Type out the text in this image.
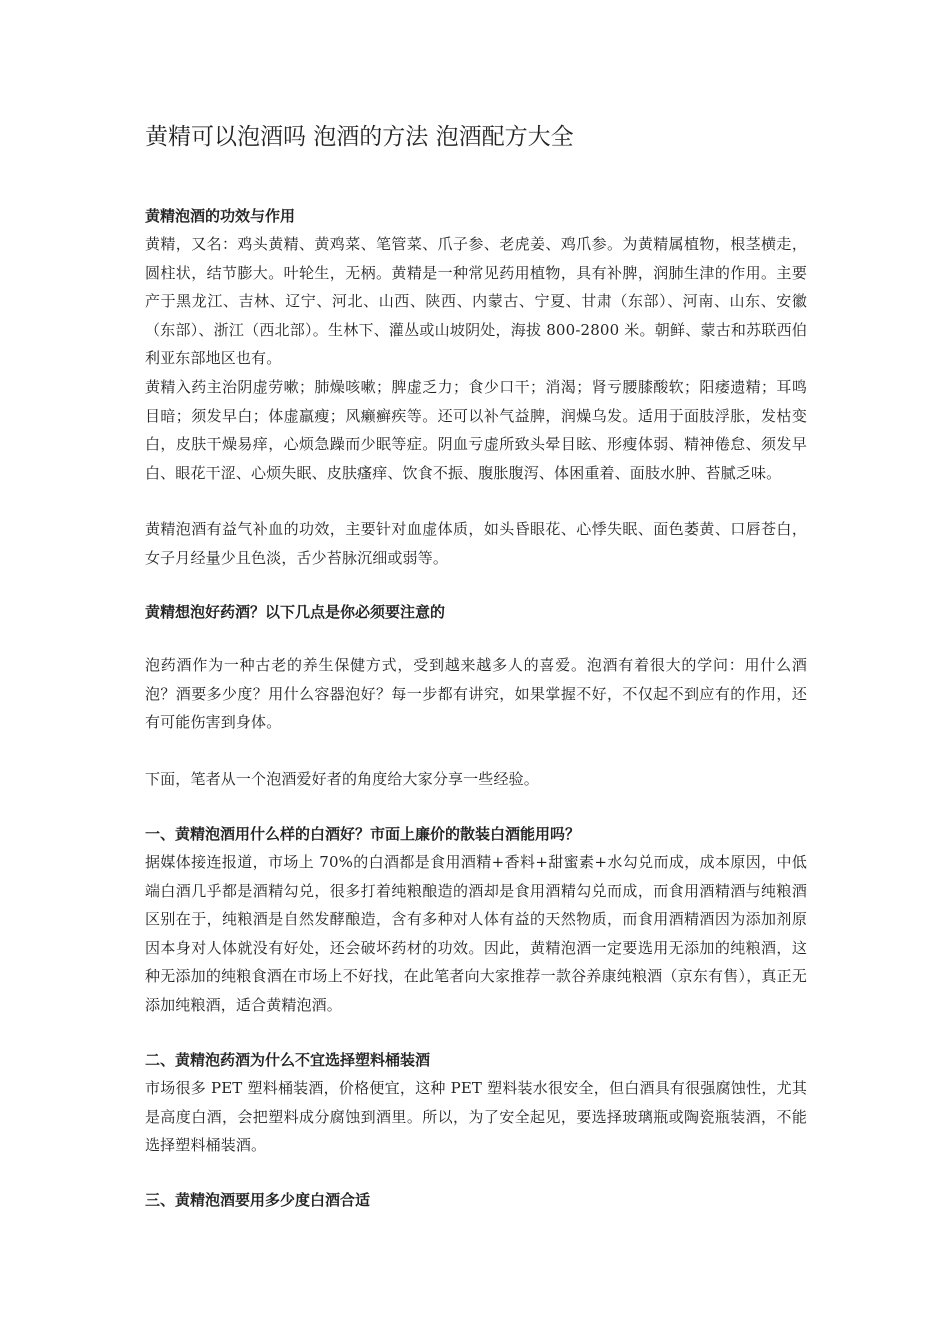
黄精可以泡酒吗 泡酒的方法 泡酒配方大全
黄精泡酒的功效与作用

黄精，又名：鸡头黄精、黄鸡菜、笔管菜、爪子参、老虎姜、鸡爪参。为黄精属植物，根茎横走，圆柱状，结节膨大。叶轮生，无柄。黄精是一种常见药用植物，具有补脾，润肺生津的作用。主要产于黑龙江、吉林、辽宁、河北、山西、陕西、内蒙古、宁夏、甘肃（东部）、河南、山东、安徽（东部）、浙江（西北部）。生林下、灌丛或山坡阴处，海拔 800-2800 米。朝鲜、蒙古和苏联西伯利亚东部地区也有。

黄精入药主治阴虚劳嗽；肺燥咳嗽；脾虚乏力；食少口干；消渴；肾亏腰膝酸软；阳痿遗精；耳鸣目暗；须发早白；体虚羸瘦；风癞癣疾等。还可以补气益脾，润燥乌发。适用于面肢浮胀，发枯变白，皮肤干燥易痒，心烦急躁而少眠等症。阴血亏虚所致头晕目眩、形瘦体弱、精神倦怠、须发早白、眼花干涩、心烦失眠、皮肤瘙痒、饮食不振、腹胀腹泻、体困重着、面肢水肿、苔腻乏味。

黄精泡酒有益气补血的功效，主要针对血虚体质，如头昏眼花、心悸失眠、面色萎黄、口唇苍白，女子月经量少且色淡，舌少苔脉沉细或弱等。

黄精想泡好药酒？以下几点是你必须要注意的

泡药酒作为一种古老的养生保健方式，受到越来越多人的喜爱。泡酒有着很大的学问：用什么酒泡？酒要多少度？用什么容器泡好？每一步都有讲究，如果掌握不好，不仅起不到应有的作用，还有可能伤害到身体。

下面，笔者从一个泡酒爱好者的角度给大家分享一些经验。

一、黄精泡酒用什么样的白酒好？市面上廉价的散装白酒能用吗？

据媒体接连报道，市场上 70%的白酒都是食用酒精+香料+甜蜜素+水勾兑而成，成本原因，中低端白酒几乎都是酒精勾兑，很多打着纯粮酿造的酒却是食用酒精勾兑而成，而食用酒精酒与纯粮酒区别在于，纯粮酒是自然发酵酿造，含有多种对人体有益的天然物质，而食用酒精酒因为添加剂原因本身对人体就没有好处，还会破坏药材的功效。因此，黄精泡酒一定要选用无添加的纯粮酒，这种无添加的纯粮食酒在市场上不好找，在此笔者向大家推荐一款谷养康纯粮酒（京东有售），真正无添加纯粮酒，适合黄精泡酒。

二、黄精泡药酒为什么不宜选择塑料桶装酒

市场很多 PET 塑料桶装酒，价格便宜，这种 PET 塑料装水很安全，但白酒具有很强腐蚀性，尤其是高度白酒，会把塑料成分腐蚀到酒里。所以，为了安全起见，要选择玻璃瓶或陶瓷瓶装酒，不能选择塑料桶装酒。

三、黄精泡酒要用多少度白酒合适
